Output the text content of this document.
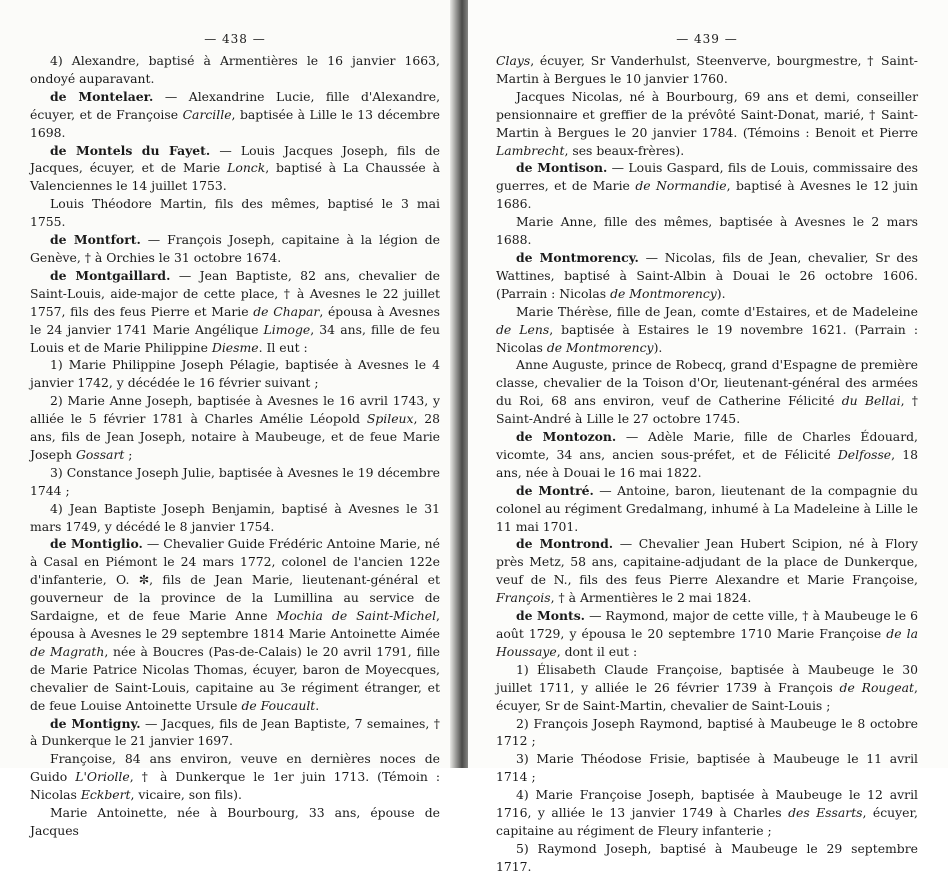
— 438 —

4) Alexandre, baptisé à Armentières le 16 janvier 1663, ondoyé auparavant.

de Montelaer. — Alexandrine Lucie, fille d'Alexandre, écuyer, et de Françoise Carcille, baptisée à Lille le 13 décembre 1698.

de Montels du Fayet. — Louis Jacques Joseph, fils de Jacques, écuyer, et de Marie Lonck, baptisé à La Chaussée à Valenciennes le 14 juillet 1753.

Louis Théodore Martin, fils des mêmes, baptisé le 3 mai 1755.

de Montfort. — François Joseph, capitaine à la légion de Genève, † à Orchies le 31 octobre 1674.

de Montgaillard. — Jean Baptiste, 82 ans, chevalier de Saint-Louis, aide-major de cette place, † à Avesnes le 22 juillet 1757, fils des feus Pierre et Marie de Chapar, épousa à Avesnes le 24 janvier 1741 Marie Angélique Limoge, 34 ans, fille de feu Louis et de Marie Philippine Diesme. Il eut :

1) Marie Philippine Joseph Pélagie, baptisée à Avesnes le 4 janvier 1742, y décédée le 16 février suivant ;

2) Marie Anne Joseph, baptisée à Avesnes le 16 avril 1743, y alliée le 5 février 1781 à Charles Amélie Léopold Spileux, 28 ans, fils de Jean Joseph, notaire à Maubeuge, et de feue Marie Joseph Gossart ;

3) Constance Joseph Julie, baptisée à Avesnes le 19 décembre 1744 ;

4) Jean Baptiste Joseph Benjamin, baptisé à Avesnes le 31 mars 1749, y décédé le 8 janvier 1754.

de Montiglio. — Chevalier Guide Frédéric Antoine Marie, né à Casal en Piémont le 24 mars 1772, colonel de l'ancien 122e d'infanterie, O. ✼, fils de Jean Marie, lieutenant-général et gouverneur de la province de la Lumillina au service de Sardaigne, et de feue Marie Anne Mochia de Saint-Michel, épousa à Avesnes le 29 septembre 1814 Marie Antoinette Aimée de Magrath, née à Boucres (Pas-de-Calais) le 20 avril 1791, fille de Marie Patrice Nicolas Thomas, écuyer, baron de Moyecques, chevalier de Saint-Louis, capitaine au 3e régiment étranger, et de feue Louise Antoinette Ursule de Foucault.

de Montigny. — Jacques, fils de Jean Baptiste, 7 semaines, † à Dunkerque le 21 janvier 1697.

Françoise, 84 ans environ, veuve en dernières noces de Guido L'Oriolle, † à Dunkerque le 1er juin 1713. (Témoin : Nicolas Eckbert, vicaire, son fils).

Marie Antoinette, née à Bourbourg, 33 ans, épouse de Jacques

— 439 —

Clays, écuyer, Sr Vanderhulst, Steenverve, bourgmestre, † Saint-Martin à Bergues le 10 janvier 1760.

Jacques Nicolas, né à Bourbourg, 69 ans et demi, conseiller pensionnaire et greffier de la prévôté Saint-Donat, marié, † Saint-Martin à Bergues le 20 janvier 1784. (Témoins : Benoit et Pierre Lambrecht, ses beaux-frères).

de Montison. — Louis Gaspard, fils de Louis, commissaire des guerres, et de Marie de Normandie, baptisé à Avesnes le 12 juin 1686.

Marie Anne, fille des mêmes, baptisée à Avesnes le 2 mars 1688.

de Montmorency. — Nicolas, fils de Jean, chevalier, Sr des Wattines, baptisé à Saint-Albin à Douai le 26 octobre 1606. (Parrain : Nicolas de Montmorency).

Marie Thérèse, fille de Jean, comte d'Estaires, et de Madeleine de Lens, baptisée à Estaires le 19 novembre 1621. (Parrain : Nicolas de Montmorency).

Anne Auguste, prince de Robecq, grand d'Espagne de première classe, chevalier de la Toison d'Or, lieutenant-général des armées du Roi, 68 ans environ, veuf de Catherine Félicité du Bellai, † Saint-André à Lille le 27 octobre 1745.

de Montozon. — Adèle Marie, fille de Charles Édouard, vicomte, 34 ans, ancien sous-préfet, et de Félicité Delfosse, 18 ans, née à Douai le 16 mai 1822.

de Montré. — Antoine, baron, lieutenant de la compagnie du colonel au régiment Gredalmang, inhumé à La Madeleine à Lille le 11 mai 1701.

de Montrond. — Chevalier Jean Hubert Scipion, né à Flory près Metz, 58 ans, capitaine-adjudant de la place de Dunkerque, veuf de N., fils des feus Pierre Alexandre et Marie Françoise, François, † à Armentières le 2 mai 1824.

de Monts. — Raymond, major de cette ville, † à Maubeuge le 6 août 1729, y épousa le 20 septembre 1710 Marie Françoise de la Houssaye, dont il eut :

1) Élisabeth Claude Françoise, baptisée à Maubeuge le 30 juillet 1711, y alliée le 26 février 1739 à François de Rougeat, écuyer, Sr de Saint-Martin, chevalier de Saint-Louis ;

2) François Joseph Raymond, baptisé à Maubeuge le 8 octobre 1712 ;

3) Marie Théodose Frisie, baptisée à Maubeuge le 11 avril 1714 ;

4) Marie Françoise Joseph, baptisée à Maubeuge le 12 avril 1716, y alliée le 13 janvier 1749 à Charles des Essarts, écuyer, capitaine au régiment de Fleury infanterie ;

5) Raymond Joseph, baptisé à Maubeuge le 29 septembre 1717.
